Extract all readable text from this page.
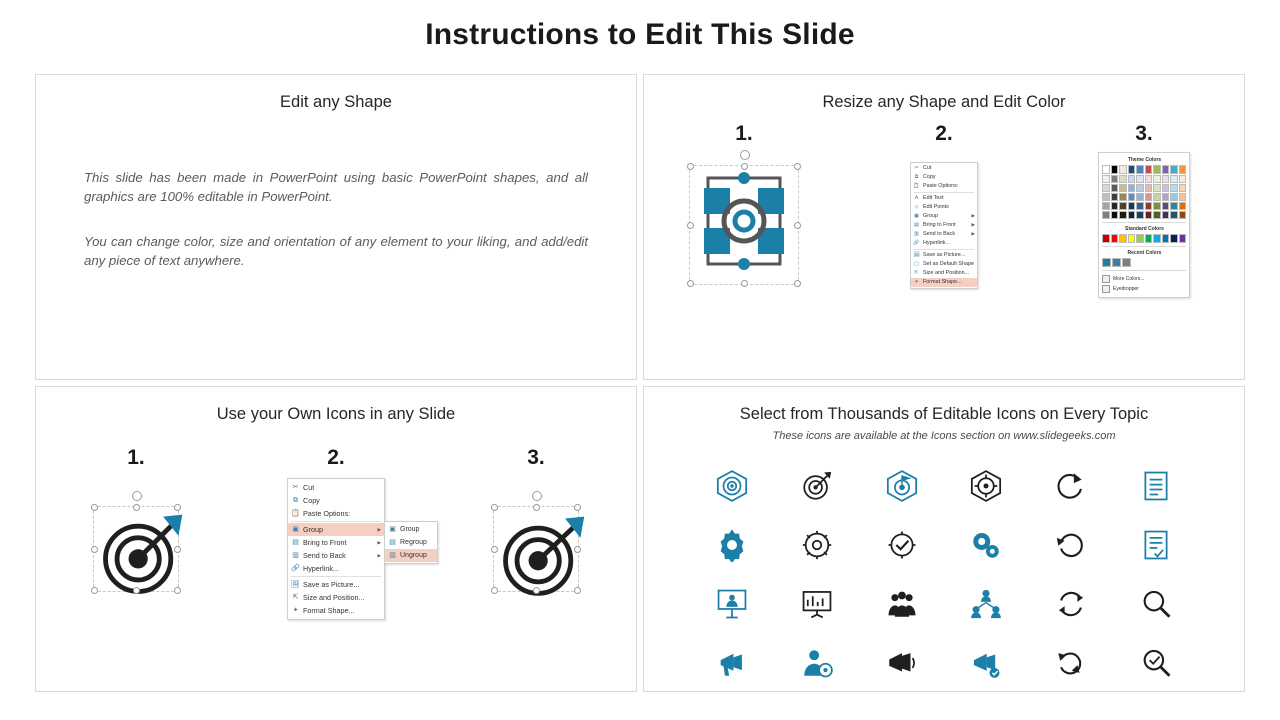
Instructions to Edit This Slide
Edit any Shape
This slide has been made in PowerPoint using basic PowerPoint shapes, and all graphics are 100% editable in PowerPoint.
You can change color, size and orientation of any element to your liking, and add/edit any piece of text anywhere.
Resize any Shape and Edit Color
1.	2.
✂ Cut
⧉ Copy
📋 Paste Options:
A Edit Text
◇ Edit Points
▣ Group	▶
▤ Bring to Front	▶
▥ Send to Back	▶
🔗 Hyperlink...
🖼 Save as Picture...
▢ Set as Default Shape
⇱ Size and Position...
✦ Format Shape...
3.
Theme Colors
Standard Colors
Recent Colors
More Colors...
Eyedropper
Use your Own Icons in any Slide
1.	2.
✂ Cut
⧉ Copy
📋 Paste Options:
▣ Group	▶ ▣ Group
▤ Regroup
▥ Ungroup
▤ Bring to Front	▶
▥ Send to Back	▶
🔗 Hyperlink...
🖼 Save as Picture...
⇱ Size and Position...
✦ Format Shape...
3.
Select from Thousands of Editable Icons on Every Topic
These icons are available at the Icons section on www.slidegeeks.com
